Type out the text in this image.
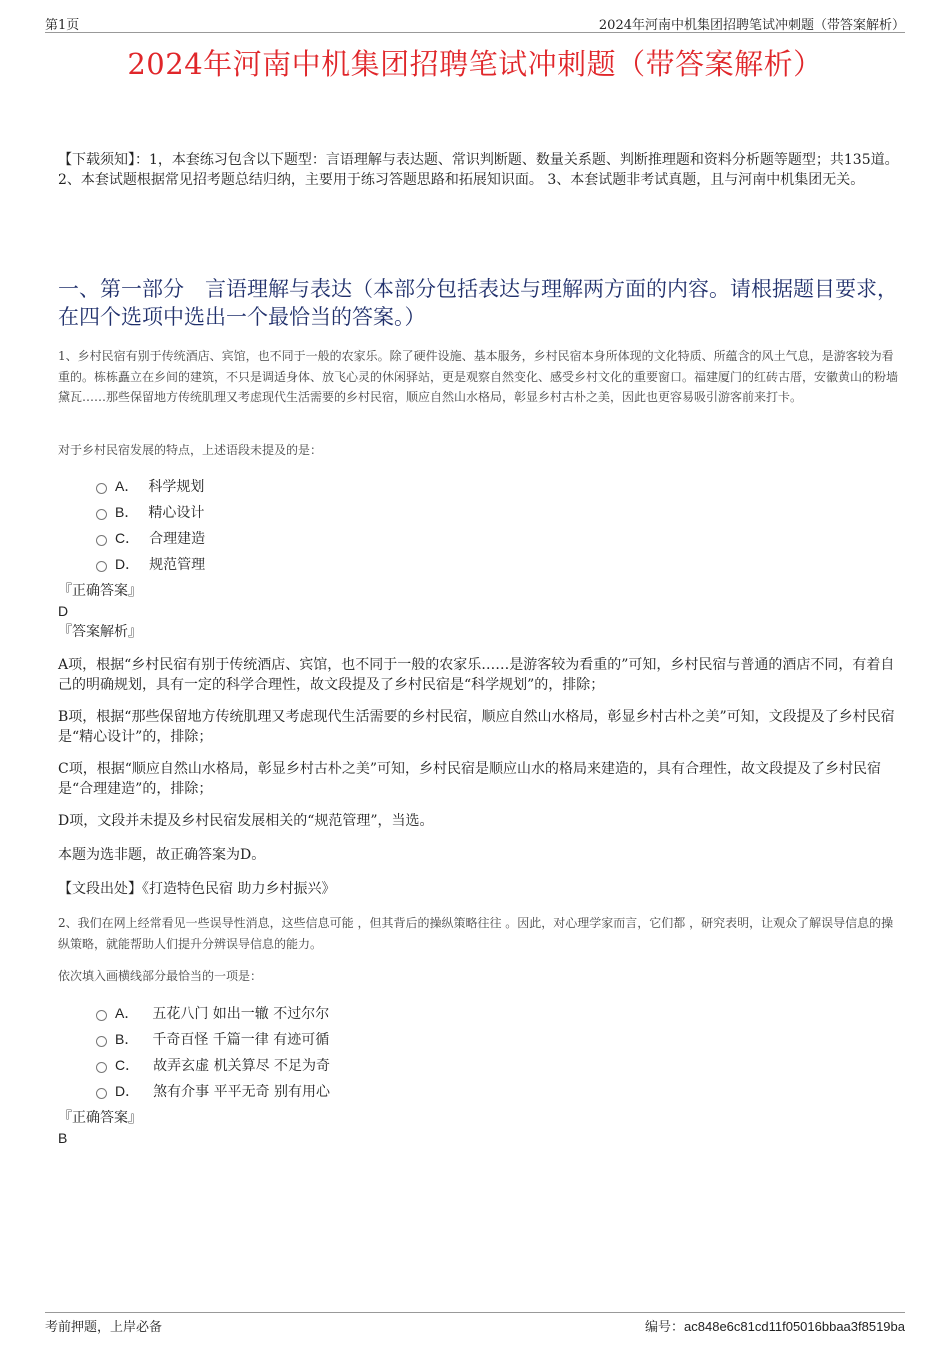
第1页	2024年河南中机集团招聘笔试冲刺题（带答案解析）
2024年河南中机集团招聘笔试冲刺题（带答案解析）
【下载须知】：1，本套练习包含以下题型：言语理解与表达题、常识判断题、数量关系题、判断推理题和资料分析题等题型；共135道。 2、本套试题根据常见招考题总结归纳，主要用于练习答题思路和拓展知识面。 3、本套试题非考试真题，且与河南中机集团无关。
一、第一部分　言语理解与表达（本部分包括表达与理解两方面的内容。请根据题目要求，在四个选项中选出一个最恰当的答案。）
1、乡村民宿有别于传统酒店、宾馆，也不同于一般的农家乐。除了硬件设施、基本服务，乡村民宿本身所体现的文化特质、所蕴含的风土气息，是游客较为看重的。栋栋矗立在乡间的建筑，不只是调适身体、放飞心灵的休闲驿站，更是观察自然变化、感受乡村文化的重要窗口。福建厦门的红砖古厝，安徽黄山的粉墙黛瓦……那些保留地方传统肌理又考虑现代生活需要的乡村民宿，顺应自然山水格局，彰显乡村古朴之美，因此也更容易吸引游客前来打卡。
对于乡村民宿发展的特点，上述语段未提及的是：
A． 科学规划
B． 精心设计
C． 合理建造
D． 规范管理
『正确答案』
D
『答案解析』
A项，根据“乡村民宿有别于传统酒店、宾馆，也不同于一般的农家乐……是游客较为看重的”可知，乡村民宿与普通的酒店不同，有着自己的明确规划，具有一定的科学合理性，故文段提及了乡村民宿是“科学规划”的，排除；
B项，根据“那些保留地方传统肌理又考虑现代生活需要的乡村民宿，顺应自然山水格局，彰显乡村古朴之美”可知，文段提及了乡村民宿是“精心设计”的，排除；
C项，根据“顺应自然山水格局，彰显乡村古朴之美”可知，乡村民宿是顺应山水的格局来建造的，具有合理性，故文段提及了乡村民宿是“合理建造”的，排除；
D项，文段并未提及乡村民宿发展相关的“规范管理”，当选。
本题为选非题，故正确答案为D。
【文段出处】《打造特色民宿 助力乡村振兴》
2、我们在网上经常看见一些误导性消息，这些信息可能 ，但其背后的操纵策略往往 。因此，对心理学家而言，它们都 ，研究表明，让观众了解误导信息的操纵策略，就能帮助人们提升分辨误导信息的能力。
依次填入画横线部分最恰当的一项是：
A． 五花八门 如出一辙 不过尔尔
B． 千奇百怪 千篇一律 有迹可循
C． 故弄玄虚 机关算尽 不足为奇
D． 煞有介事 平平无奇 别有用心
『正确答案』
B
考前押题，上岸必备	编号：ac848e6c81cd11f05016bbaa3f8519ba
